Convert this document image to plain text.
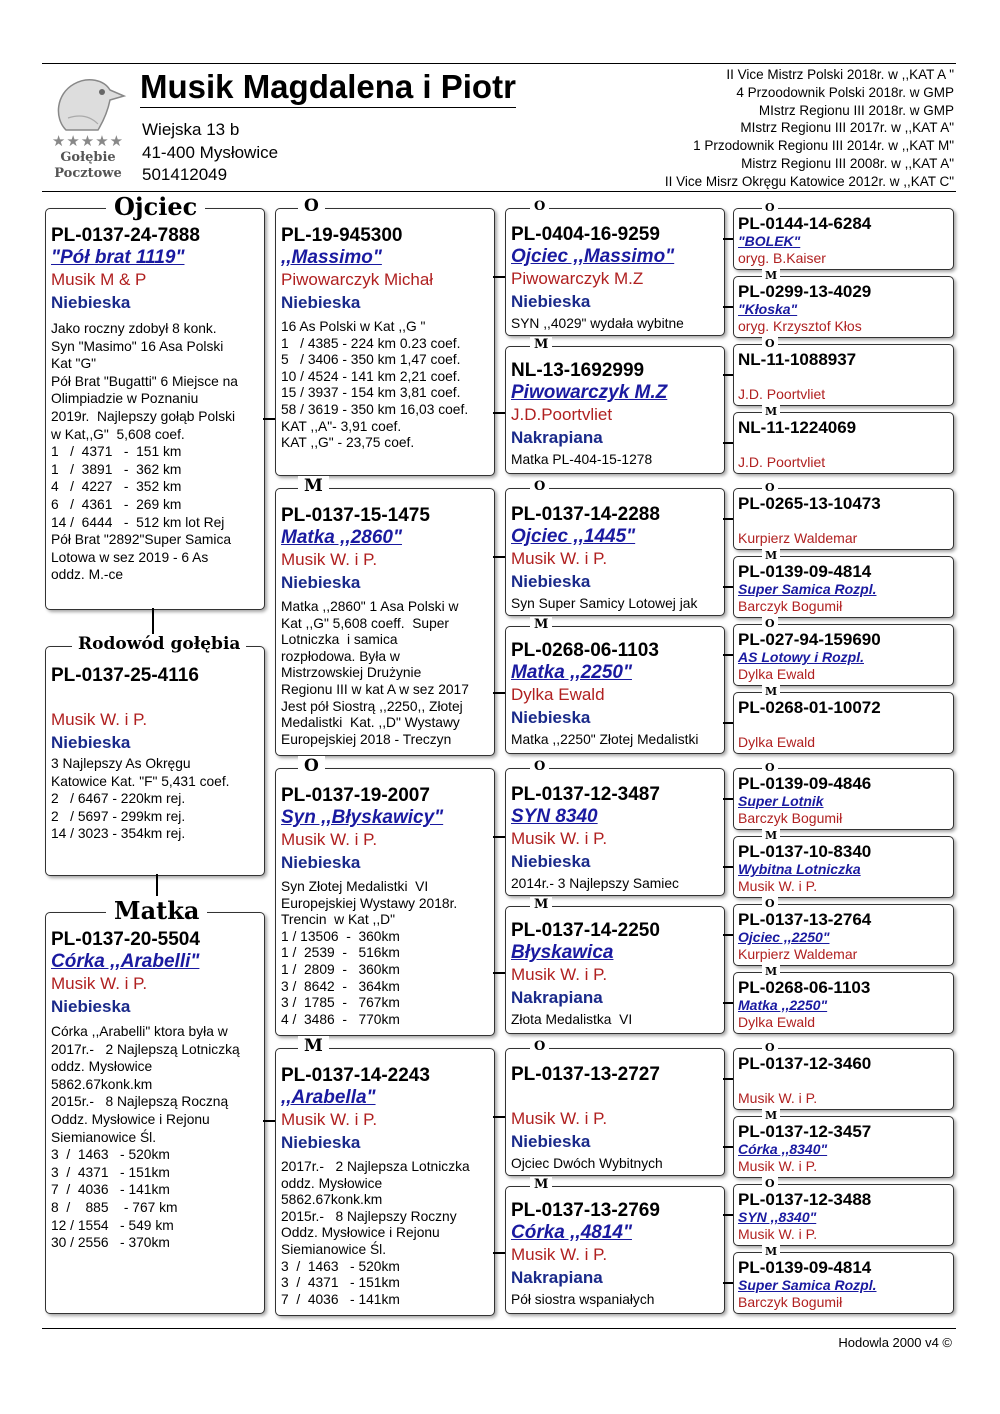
★★★★★
Gołębie
Pocztowe
Musik Magdalena i Piotr
Wiejska 13 b
41-400 Mysłowice
501412049
II Vice Mistrz Polski 2018r. w ,,KAT A "
4 Przoodownik Polski 2018r. w GMP
MIstrz Regionu III 2018r. w GMP
MIstrz Regionu III 2017r. w ,,KAT A"
1 Przodownik Regionu III 2014r. w ,,KAT M"
Mistrz Regionu III 2008r. w ,,KAT A"
II Vice Misrz Okręgu Katowice 2012r. w ,,KAT C"
Ojciec
PL-0137-24-7888
"Pół brat 1119"
Musik M & P
Niebieska
Jako roczny zdobył 8 konk.
Syn "Masimo" 16 Asa Polski
Kat "G"
Pół Brat "Bugatti" 6 Miejsce na
Olimpiadzie w Poznaniu
2019r.  Najlepszy gołąb Polski
w Kat,,G"  5,608 coef.
1   /  4371   -  151 km
1   /  3891   -  362 km
4   /  4227   -  352 km
6   /  4361   -  269 km
14 /  6444   -  512 km lot Rej
Pół Brat "2892"Super Samica
Lotowa w sez 2019 - 6 As
oddz. M.-ce
Rodowód gołębia
PL-0137-25-4116
Musik W. i P.
Niebieska
3 Najlepszy As Okręgu
Katowice Kat. "F" 5,431 coef.
2   / 6467 - 220km rej.
2   / 5697 - 299km rej.
14 / 3023 - 354km rej.
Matka
PL-0137-20-5504
Córka ,,Arabelli"
Musik W. i P.
Niebieska
Córka ,,Arabelli" ktora była w
2017r.-   2 Najlepszą Lotniczką
oddz. Mysłowice
5862.67konk.km
2015r.-   8 Najlepszą Roczną
Oddz. Mysłowice i Rejonu
Siemianowice Śl.
3  /  1463   - 520km
3  /  4371   - 151km
7  /  4036   - 141km
8  /    885    - 767 km
12 / 1554   - 549 km
30 / 2556   - 370km
O
PL-19-945300
,,Massimo"
Piwowarczyk Michał
Niebieska
16 As Polski w Kat ,,G "
1   / 4385 - 224 km 0.23 coef.
5   / 3406 - 350 km 1,47 coef.
10 / 4524 - 141 km 2,21 coef.
15 / 3937 - 154 km 3,81 coef.
58 / 3619 - 350 km 16,03 coef.
KAT ,,A"- 3,91 coef.
KAT ,,G" - 23,75 coef.
M
PL-0137-15-1475
Matka ,,2860"
Musik W. i P.
Niebieska
Matka ,,2860" 1 Asa Polski w
Kat ,,G" 5,608 coeff.  Super
Lotniczka  i samica
rozpłodowa. Była w
Mistrzowskiej Drużynie
Regionu III w kat A w sez 2017
Jest pół Siostrą ,,2250,, Złotej
Medalistki  Kat. ,,D" Wystawy
Europejskiej 2018 - Treczyn
O
PL-0137-19-2007
Syn ,,Błyskawicy"
Musik W. i P.
Niebieska
Syn Złotej Medalistki  VI
Europejskiej Wystawy 2018r.
Trencin  w Kat ,,D"
1 / 13506  -  360km
1 /  2539  -   516km
1 /  2809  -   360km
3 /  8642  -   364km
3 /  1785  -   767km
4 /  3486  -   770km
M
PL-0137-14-2243
,,Arabella"
Musik W. i P.
Niebieska
2017r.-   2 Najlepsza Lotniczka
oddz. Mysłowice
5862.67konk.km
2015r.-   8 Najlepszy Roczny
Oddz. Mysłowice i Rejonu
Siemianowice Śl.
3  /  1463   - 520km
3  /  4371   - 151km
7  /  4036   - 141km
O
PL-0404-16-9259
Ojciec ,,Massimo"
Piwowarczyk M.Z
Niebieska
SYN ,,4029" wydała wybitne
M
NL-13-1692999
Piwowarczyk M.Z
J.D.Poortvliet
Nakrapiana
Matka PL-404-15-1278
O
PL-0137-14-2288
Ojciec ,,1445"
Musik W. i P.
Niebieska
Syn Super Samicy Lotowej jak
M
PL-0268-06-1103
Matka ,,2250"
Dylka Ewald
Niebieska
Matka ,,2250" Złotej Medalistki
O
PL-0137-12-3487
SYN 8340
Musik W. i P.
Niebieska
2014r.- 3 Najlepszy Samiec
M
PL-0137-14-2250
Błyskawica
Musik W. i P.
Nakrapiana
Złota Medalistka  VI
O
PL-0137-13-2727
Musik W. i P.
Niebieska
Ojciec Dwóch Wybitnych
M
PL-0137-13-2769
Córka ,,4814"
Musik W. i P.
Nakrapiana
Pół siostra wspaniałych
O
PL-0144-14-6284
"BOLEK"
oryg. B.Kaiser
M
PL-0299-13-4029
"Kłoska"
oryg. Krzysztof Kłos
O
NL-11-1088937
J.D. Poortvliet
M
NL-11-1224069
J.D. Poortvliet
O
PL-0265-13-10473
Kurpierz Waldemar
M
PL-0139-09-4814
Super Samica Rozpl.
Barczyk Bogumił
O
PL-027-94-159690
AS Lotowy i Rozpl.
Dylka Ewald
M
PL-0268-01-10072
Dylka Ewald
O
PL-0139-09-4846
Super Lotnik
Barczyk Bogumił
M
PL-0137-10-8340
Wybitna Lotniczka
Musik W. i P.
O
PL-0137-13-2764
Ojciec ,,2250"
Kurpierz Waldemar
M
PL-0268-06-1103
Matka ,,2250"
Dylka Ewald
O
PL-0137-12-3460
Musik W. i P.
M
PL-0137-12-3457
Córka ,,8340"
Musik W. i P.
O
PL-0137-12-3488
SYN ,,8340"
Musik W. i P.
M
PL-0139-09-4814
Super Samica Rozpl.
Barczyk Bogumił
Hodowla 2000 v4 ©
